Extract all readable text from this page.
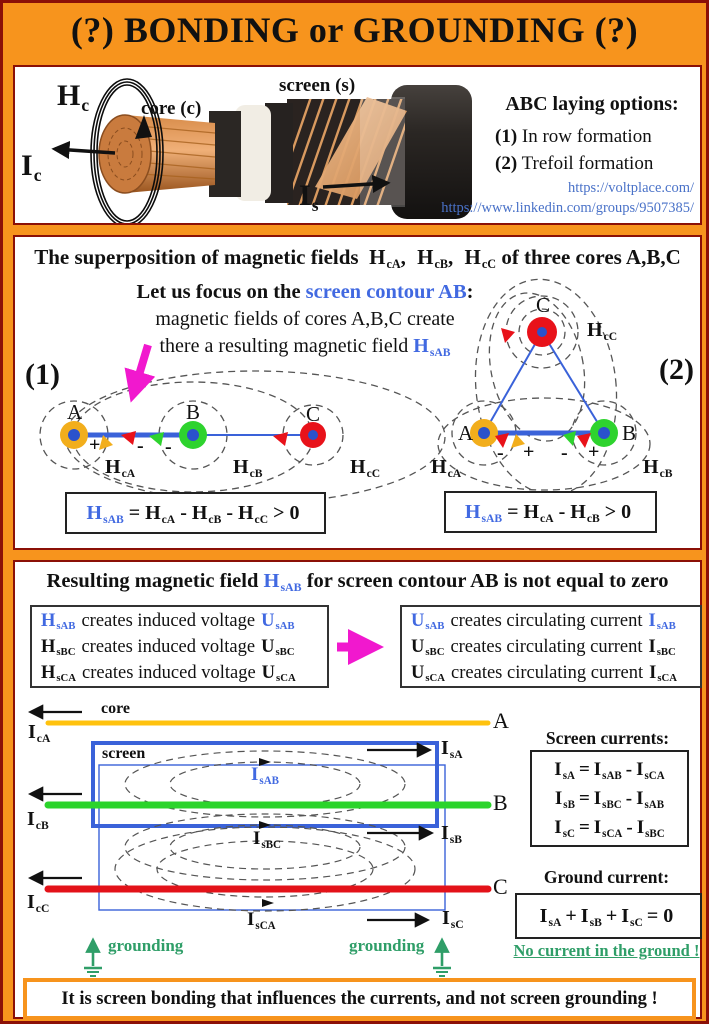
(?) BONDING or GROUNDING (?)
$H_c$	core (c)
screen (s)
$I_c$
$I_s$
ABC laying options:
(1) In row formation
(2) Trefoil formation
https://voltplace.com/
https://www.linkedin.com/groups/9507385/
The superposition of magnetic fields $H_{cA}$, $H_{cB}$, $H_{cC}$ of three cores A,B,C
Let us focus on the screen contour AB:
magnetic fields of cores A,B,C create
there a resulting magnetic field $H_{sAB}$
(1)	(2)
A	B	C
+ - -
$H_{cA}$	$H_{cB}$	$H_{cC}$
C
$H_{cC}$
A	B
$H_{cA}$	$H_{cB}$
- + - +
$H_{sAB} = H_{cA} - H_{cB} - H_{cC} > 0$	$H_{sAB} = H_{cA} - H_{cB} > 0$
Resulting magnetic field $H_{sAB}$ for screen contour AB is not equal to zero
$H_{sAB}$ creates induced voltage $U_{sAB}$
$H_{sBC}$ creates induced voltage $U_{sBC}$
$H_{sCA}$ creates induced voltage $U_{sCA}$
$U_{sAB}$ creates circulating current $I_{sAB}$
$U_{sBC}$ creates circulating current $I_{sBC}$
$U_{sCA}$ creates circulating current $I_{sCA}$
core
$I_{cA}$
A
screen	$I_{sA}$
$I_{sAB}$
$I_{cB}$
B
$I_{sB}$
$I_{sBC}$
$I_{cC}$
C
$I_{sCA}$	$I_{sC}$
grounding	grounding
Screen currents:
$I_{sA} = I_{sAB} - I_{sCA}$
$I_{sB} = I_{sBC} - I_{sAB}$
$I_{sC} = I_{sCA} - I_{sBC}$
Ground current:
$I_{sA} + I_{sB} + I_{sC} = 0$
No current in the ground !
It is screen bonding that influences the currents, and not screen grounding !
